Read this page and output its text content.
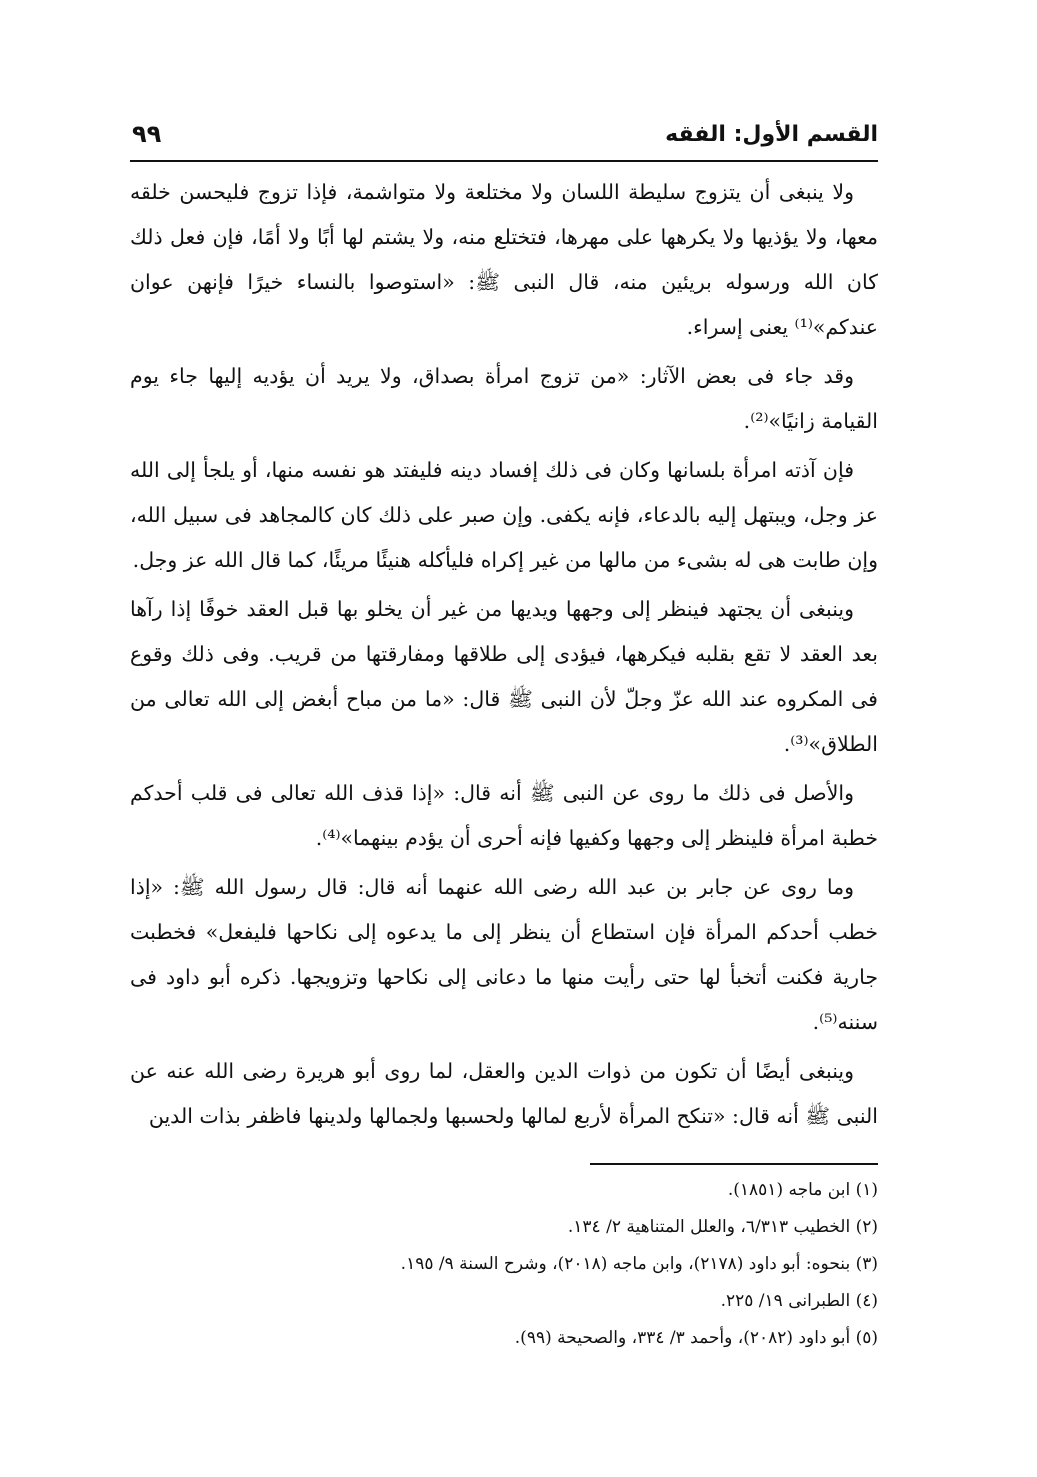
القسم الأول: الفقه
٩٩

ولا ينبغى أن يتزوج سليطة اللسان ولا مختلعة ولا متواشمة، فإذا تزوج فليحسن خلقه معها، ولا يؤذيها ولا يكرهها على مهرها، فتختلع منه، ولا يشتم لها أبًا ولا أمًا، فإن فعل ذلك كان الله ورسوله بريئين منه، قال النبى ﷺ: «استوصوا بالنساء خيرًا فإنهن عوان عندكم»⁽¹⁾ يعنى إسراء.

وقد جاء فى بعض الآثار: «من تزوج امرأة بصداق، ولا يريد أن يؤديه إليها جاء يوم القيامة زانيًا»⁽²⁾.

فإن آذته امرأة بلسانها وكان فى ذلك إفساد دينه فليفتد هو نفسه منها، أو يلجأ إلى الله عز وجل، ويبتهل إليه بالدعاء، فإنه يكفى. وإن صبر على ذلك كان كالمجاهد فى سبيل الله، وإن طابت هى له بشىء من مالها من غير إكراه فليأكله هنيئًا مريئًا، كما قال الله عز وجل.

وينبغى أن يجتهد فينظر إلى وجهها ويديها من غير أن يخلو بها قبل العقد خوفًا إذا رآها بعد العقد لا تقع بقلبه فيكرهها، فيؤدى إلى طلاقها ومفارقتها من قريب. وفى ذلك وقوع فى المكروه عند الله عزّ وجلّ لأن النبى ﷺ قال: «ما من مباح أبغض إلى الله تعالى من الطلاق»⁽³⁾.

والأصل فى ذلك ما روى عن النبى ﷺ أنه قال: «إذا قذف الله تعالى فى قلب أحدكم خطبة امرأة فلينظر إلى وجهها وكفيها فإنه أحرى أن يؤدم بينهما»⁽⁴⁾.

وما روى عن جابر بن عبد الله رضى الله عنهما أنه قال: قال رسول الله ﷺ: «إذا خطب أحدكم المرأة فإن استطاع أن ينظر إلى ما يدعوه إلى نكاحها فليفعل» فخطبت جارية فكنت أتخبأ لها حتى رأيت منها ما دعانى إلى نكاحها وتزويجها. ذكره أبو داود فى سننه⁽⁵⁾.

وينبغى أيضًا أن تكون من ذوات الدين والعقل، لما روى أبو هريرة رضى الله عنه عن النبى ﷺ أنه قال: «تنكح المرأة لأربع لمالها ولحسبها ولجمالها ولدينها فاظفر بذات الدين

(١) ابن ماجه (١٨٥١).
(٢) الخطيب ٦/٣١٣، والعلل المتناهية ٢/ ١٣٤.
(٣) بنحوه: أبو داود (٢١٧٨)، وابن ماجه (٢٠١٨)، وشرح السنة ٩/ ١٩٥.
(٤) الطبرانى ١٩/ ٢٢٥.
(٥) أبو داود (٢٠٨٢)، وأحمد ٣/ ٣٣٤، والصحيحة (٩٩).
